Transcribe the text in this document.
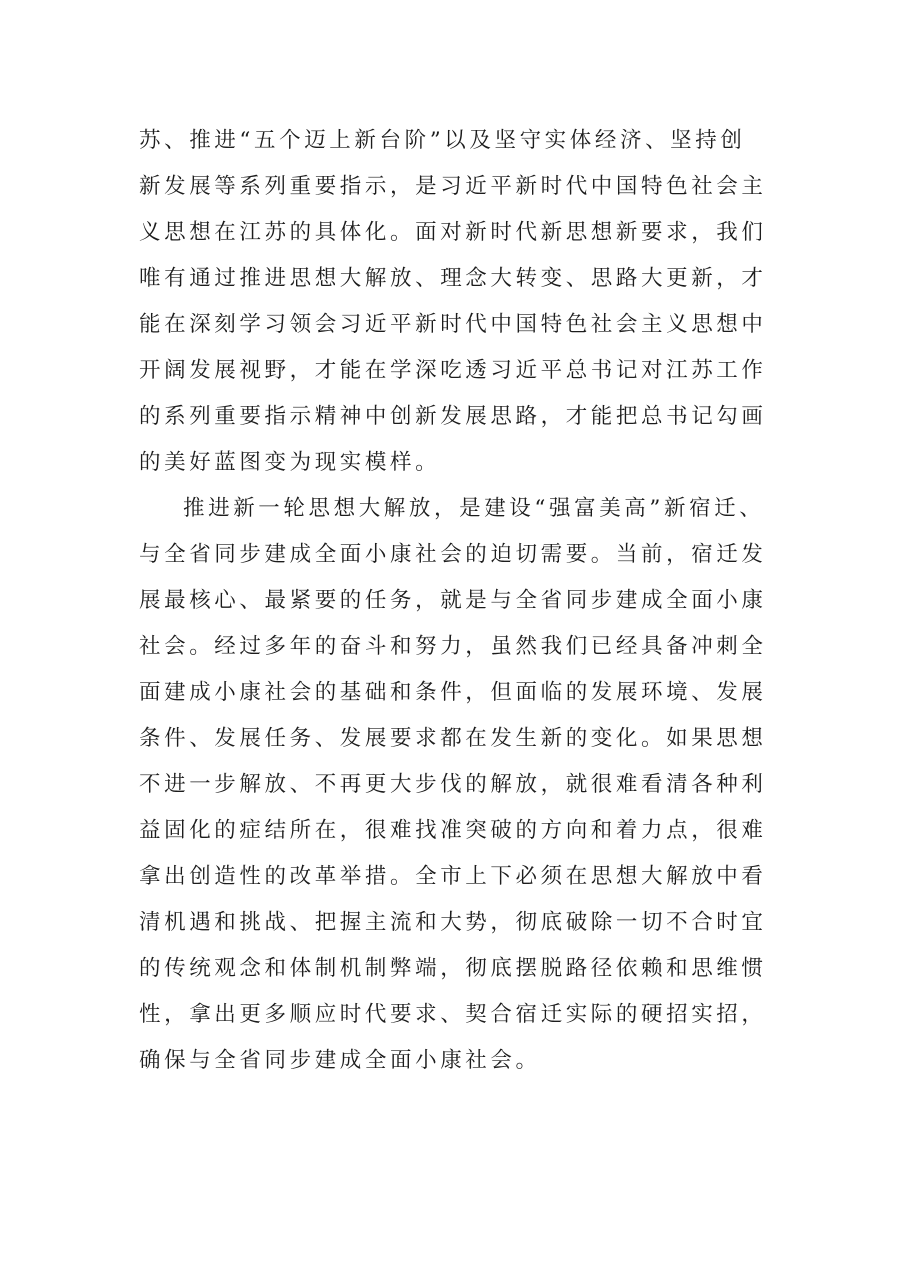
苏、推进“五个迈上新台阶”以及坚守实体经济、坚持创
新发展等系列重要指示，是习近平新时代中国特色社会主
义思想在江苏的具体化。面对新时代新思想新要求，我们
唯有通过推进思想大解放、理念大转变、思路大更新，才
能在深刻学习领会习近平新时代中国特色社会主义思想中
开阔发展视野，才能在学深吃透习近平总书记对江苏工作
的系列重要指示精神中创新发展思路，才能把总书记勾画
的美好蓝图变为现实模样。
推进新一轮思想大解放，是建设“强富美高”新宿迁、
与全省同步建成全面小康社会的迫切需要。当前，宿迁发
展最核心、最紧要的任务，就是与全省同步建成全面小康
社会。经过多年的奋斗和努力，虽然我们已经具备冲刺全
面建成小康社会的基础和条件，但面临的发展环境、发展
条件、发展任务、发展要求都在发生新的变化。如果思想
不进一步解放、不再更大步伐的解放，就很难看清各种利
益固化的症结所在，很难找准突破的方向和着力点，很难
拿出创造性的改革举措。全市上下必须在思想大解放中看
清机遇和挑战、把握主流和大势，彻底破除一切不合时宜
的传统观念和体制机制弊端，彻底摆脱路径依赖和思维惯
性，拿出更多顺应时代要求、契合宿迁实际的硬招实招，
确保与全省同步建成全面小康社会。
